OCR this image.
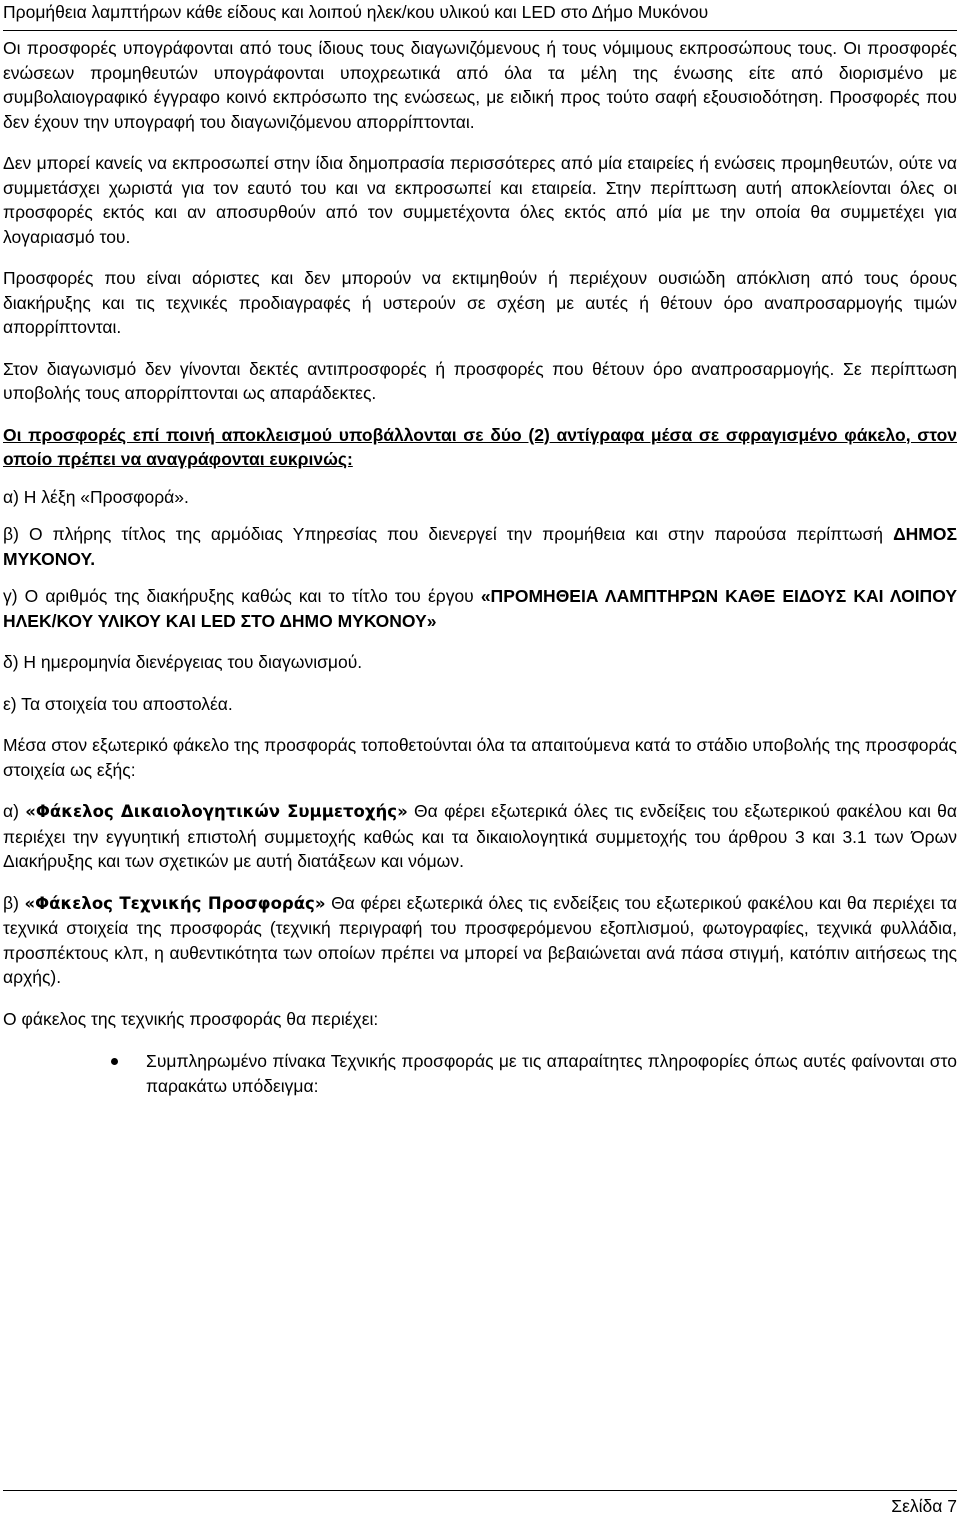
Προμήθεια λαμπτήρων κάθε είδους και λοιπού ηλεκ/κου υλικού και LED στο Δήμο Μυκόνου

Οι προσφορές υπογράφονται από τους ίδιους τους διαγωνιζόμενους ή τους νόμιμους εκπροσώπους τους. Οι προσφορές ενώσεων προμηθευτών υπογράφονται υποχρεωτικά από όλα τα μέλη της ένωσης είτε από διορισμένο με συμβολαιογραφικό έγγραφο κοινό εκπρόσωπο της ενώσεως, με ειδική προς τούτο σαφή εξουσιοδότηση. Προσφορές που δεν έχουν την υπογραφή του διαγωνιζόμενου απορρίπτονται.

Δεν μπορεί κανείς να εκπροσωπεί στην ίδια δημοπρασία περισσότερες από μία εταιρείες ή ενώσεις προμηθευτών, ούτε να συμμετάσχει χωριστά για τον εαυτό του και να εκπροσωπεί και εταιρεία. Στην περίπτωση αυτή αποκλείονται όλες οι προσφορές εκτός και αν αποσυρθούν από τον συμμετέχοντα όλες εκτός από μία με την οποία θα συμμετέχει για λογαριασμό του.

Προσφορές που είναι αόριστες και δεν μπορούν να εκτιμηθούν ή περιέχουν ουσιώδη απόκλιση από τους όρους διακήρυξης και τις τεχνικές προδιαγραφές ή υστερούν σε σχέση με αυτές ή θέτουν όρο αναπροσαρμογής τιμών απορρίπτονται.

Στον διαγωνισμό δεν γίνονται δεκτές αντιπροσφορές ή προσφορές που θέτουν όρο αναπροσαρμογής. Σε περίπτωση υποβολής τους απορρίπτονται ως απαράδεκτες.

Οι προσφορές επί ποινή αποκλεισμού υποβάλλονται σε δύο (2) αντίγραφα μέσα σε σφραγισμένο φάκελο, στον οποίο πρέπει να αναγράφονται ευκρινώς:

α) Η λέξη «Προσφορά».

β) Ο πλήρης τίτλος της αρμόδιας Υπηρεσίας που διενεργεί την προμήθεια και στην παρούσα περίπτωσή ΔΗΜΟΣ ΜΥΚΟΝΟΥ.

γ) Ο αριθμός της διακήρυξης καθώς και το τίτλο του έργου «ΠΡΟΜΗΘΕΙΑ ΛΑΜΠΤΗΡΩΝ ΚΑΘΕ ΕΙΔΟΥΣ ΚΑΙ ΛΟΙΠΟΥ ΗΛΕΚ/ΚΟΥ ΥΛΙΚΟΥ ΚΑΙ LED ΣΤΟ ΔΗΜΟ ΜΥΚΟΝΟΥ»

δ) Η ημερομηνία διενέργειας του διαγωνισμού.

ε) Τα στοιχεία του αποστολέα.

Μέσα στον εξωτερικό φάκελο της προσφοράς τοποθετούνται όλα τα απαιτούμενα κατά το στάδιο υποβολής της προσφοράς στοιχεία ως εξής:

α) «Φάκελος Δικαιολογητικών Συμμετοχής» Θα φέρει εξωτερικά όλες τις ενδείξεις του εξωτερικού φακέλου και θα περιέχει την εγγυητική επιστολή συμμετοχής καθώς και τα δικαιολογητικά συμμετοχής του άρθρου 3 και 3.1 των Όρων Διακήρυξης και των σχετικών με αυτή διατάξεων και νόμων.

β) «Φάκελος Τεχνικής Προσφοράς» Θα φέρει εξωτερικά όλες τις ενδείξεις του εξωτερικού φακέλου και θα περιέχει τα τεχνικά στοιχεία της προσφοράς (τεχνική περιγραφή του προσφερόμενου εξοπλισμού, φωτογραφίες, τεχνικά φυλλάδια, προσπέκτους κλπ, η αυθεντικότητα των οποίων πρέπει να μπορεί να βεβαιώνεται ανά πάσα στιγμή, κατόπιν αιτήσεως της αρχής).

Ο φάκελος της τεχνικής προσφοράς θα περιέχει:

Συμπληρωμένο πίνακα Τεχνικής προσφοράς με τις απαραίτητες πληροφορίες όπως αυτές φαίνονται στο παρακάτω υπόδειγμα:
Σελίδα 7
